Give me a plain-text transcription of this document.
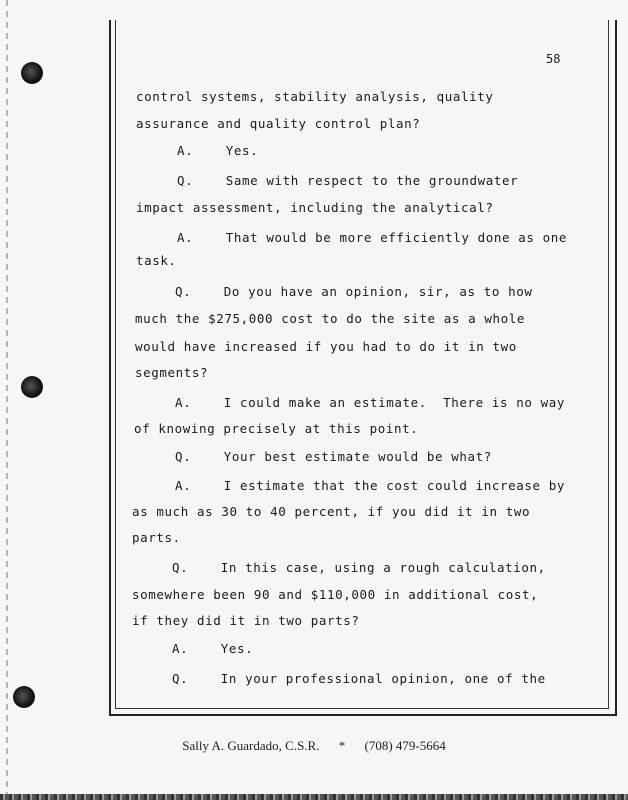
58
control systems, stability analysis, quality
assurance and quality control plan?
A.    Yes.
Q.    Same with respect to the groundwater
impact assessment, including the analytical?
A.    That would be more efficiently done as one
task.
Q.    Do you have an opinion, sir, as to how
much the $275,000 cost to do the site as a whole
would have increased if you had to do it in two
segments?
A.    I could make an estimate.  There is no way
of knowing precisely at this point.
Q.    Your best estimate would be what?
A.    I estimate that the cost could increase by
as much as 30 to 40 percent, if you did it in two
parts.
Q.    In this case, using a rough calculation,
somewhere been 90 and $110,000 in additional cost,
if they did it in two parts?
A.    Yes.
Q.    In your professional opinion, one of the
Sally A. Guardado, C.S.R. * (708) 479-5664
